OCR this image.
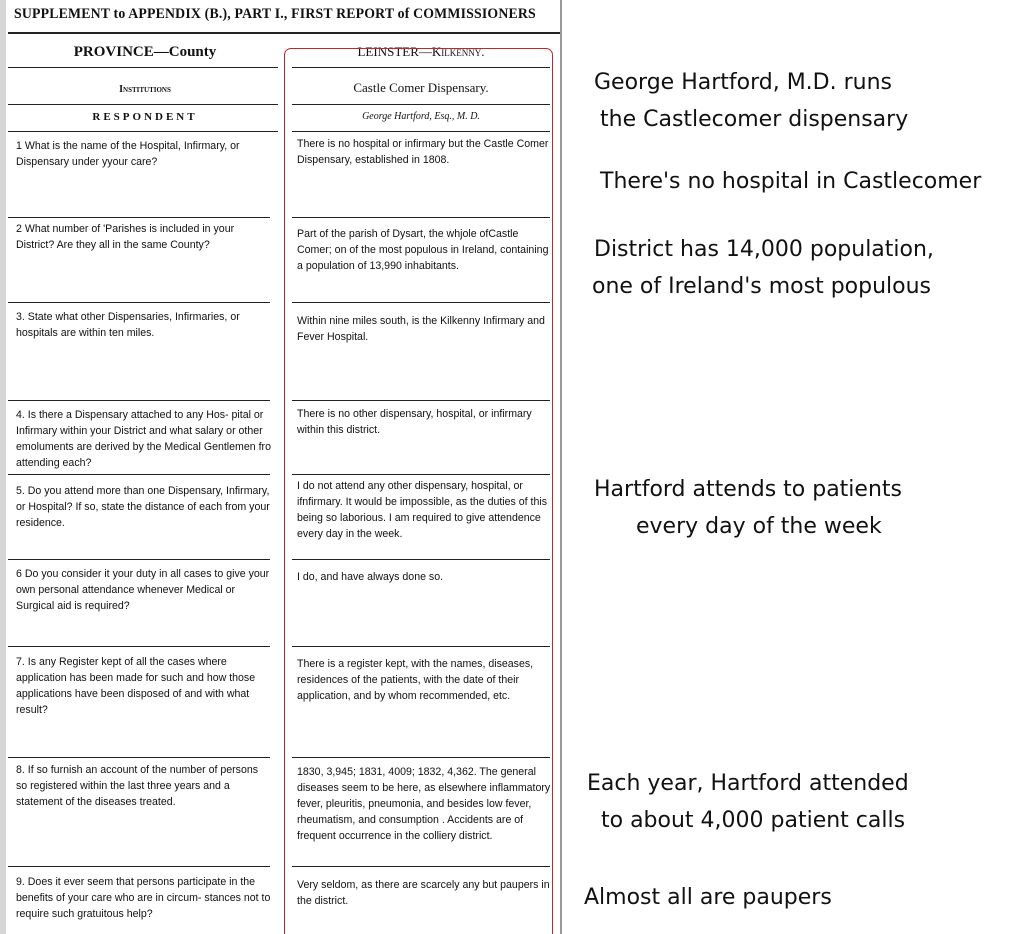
SUPPLEMENT to APPENDIX (B.), PART I., FIRST REPORT of COMMISSIONERS
PROVINCE—County
Institutions
RESPONDENT
LEINSTER—Kilkenny.
Castle Comer Dispensary.
George Hartford, Esq., M. D.
1 What is the name of the Hospital, Infirmary, or Dispensary under yyour care?
2 What number of 'Parishes is included in your District? Are they all in the same County?
3. State what other Dispensaries, Infirmaries, or hospitals are within ten miles.
4. Is there a Dispensary attached to any Hos- pital or Infirmary within your District and what salary or other emoluments are derived by the Medical Gentlemen fro attending each?
5. Do you attend more than one Dispensary, Infirmary, or Hospital? If so, state the distance of each from your residence.
6 Do you consider it your duty in all cases to give your own personal attendance whenever Medical or Surgical aid is required?
7. Is any Register kept of all the cases where application has been made for such and how those applications have been disposed of and with what result?
8. If so furnish an account of the number of persons so registered within the last three years and a statement of the diseases treated.
9. Does it ever seem that persons participate in the benefits of your care who are in circum- stances not to require such gratuitous help?
There is no hospital or infirmary but the Castle Comer Dispensary, established in 1808.
Part of the parish of Dysart, the whjole ofCastle Comer; on of the most populous in Ireland, containing a population of 13,990 inhabitants.
Within nine miles south, is the Kilkenny Infirmary and Fever Hospital.
There is no other dispensary, hospital, or infirmary within this district.
I do not attend any other dispensary, hospital, or ifnfirmary. It would be impossible, as the duties of this being so laborious. I am required to give attendence every day in the week.
I do, and have always done so.
There is a register kept, with the names, diseases, residences of the patients, with the date of their application, and by whom recommended, etc.
1830, 3,945; 1831, 4009; 1832, 4,362. The general diseases seem to be here, as elsewhere inflammatory fever, pleuritis, pneumonia, and besides low fever, rheumatism, and consumption . Accidents are of frequent occurrence in the colliery district.
Very seldom, as there are scarcely any but paupers in the district.
George Hartford, M.D. runs
the Castlecomer dispensary
There's no hospital in Castlecomer
District has 14,000 population,
one of Ireland's most populous
Hartford attends to patients
every day of the week
Each year, Hartford attended
to about 4,000 patient calls
Almost all are paupers
